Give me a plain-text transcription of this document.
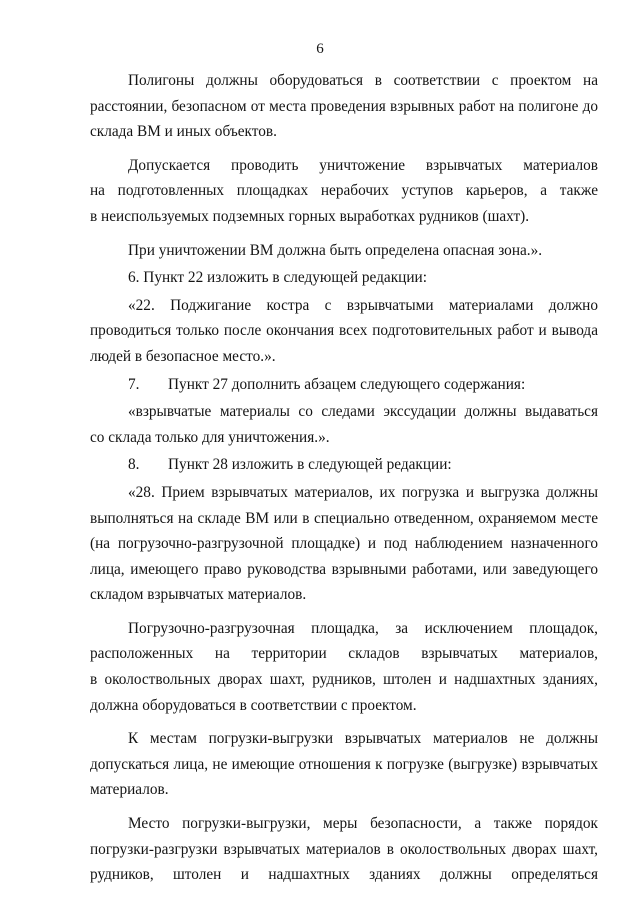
6

Полигоны должны оборудоваться в соответствии с проектом на
расстоянии, безопасном от места проведения взрывных работ на полигоне до
склада ВМ и иных объектов.

Допускается проводить уничтожение взрывчатых материалов
на подготовленных площадках нерабочих уступов карьеров, а также
в неиспользуемых подземных горных выработках рудников (шахт).

При уничтожении ВМ должна быть определена опасная зона.».

6. Пункт 22 изложить в следующей редакции:

«22. Поджигание костра с взрывчатыми материалами должно
проводиться только после окончания всех подготовительных работ и вывода
людей в безопасное место.».

7. Пункт 27 дополнить абзацем следующего содержания:

«взрывчатые материалы со следами экссудации должны выдаваться
со склада только для уничтожения.».

8. Пункт 28 изложить в следующей редакции:

«28. Прием взрывчатых материалов, их погрузка и выгрузка должны
выполняться на складе ВМ или в специально отведенном, охраняемом месте
(на погрузочно-разгрузочной площадке) и под наблюдением назначенного
лица, имеющего право руководства взрывными работами, или заведующего
складом взрывчатых материалов.

Погрузочно-разгрузочная площадка, за исключением площадок,
расположенных на территории складов взрывчатых материалов,
в околоствольных дворах шахт, рудников, штолен и надшахтных зданиях,
должна оборудоваться в соответствии с проектом.

К местам погрузки-выгрузки взрывчатых материалов не должны
допускаться лица, не имеющие отношения к погрузке (выгрузке) взрывчатых
материалов.

Место погрузки-выгрузки, меры безопасности, а также порядок
погрузки-разгрузки взрывчатых материалов в околоствольных дворах шахт,
рудников, штолен и надшахтных зданиях должны определяться
